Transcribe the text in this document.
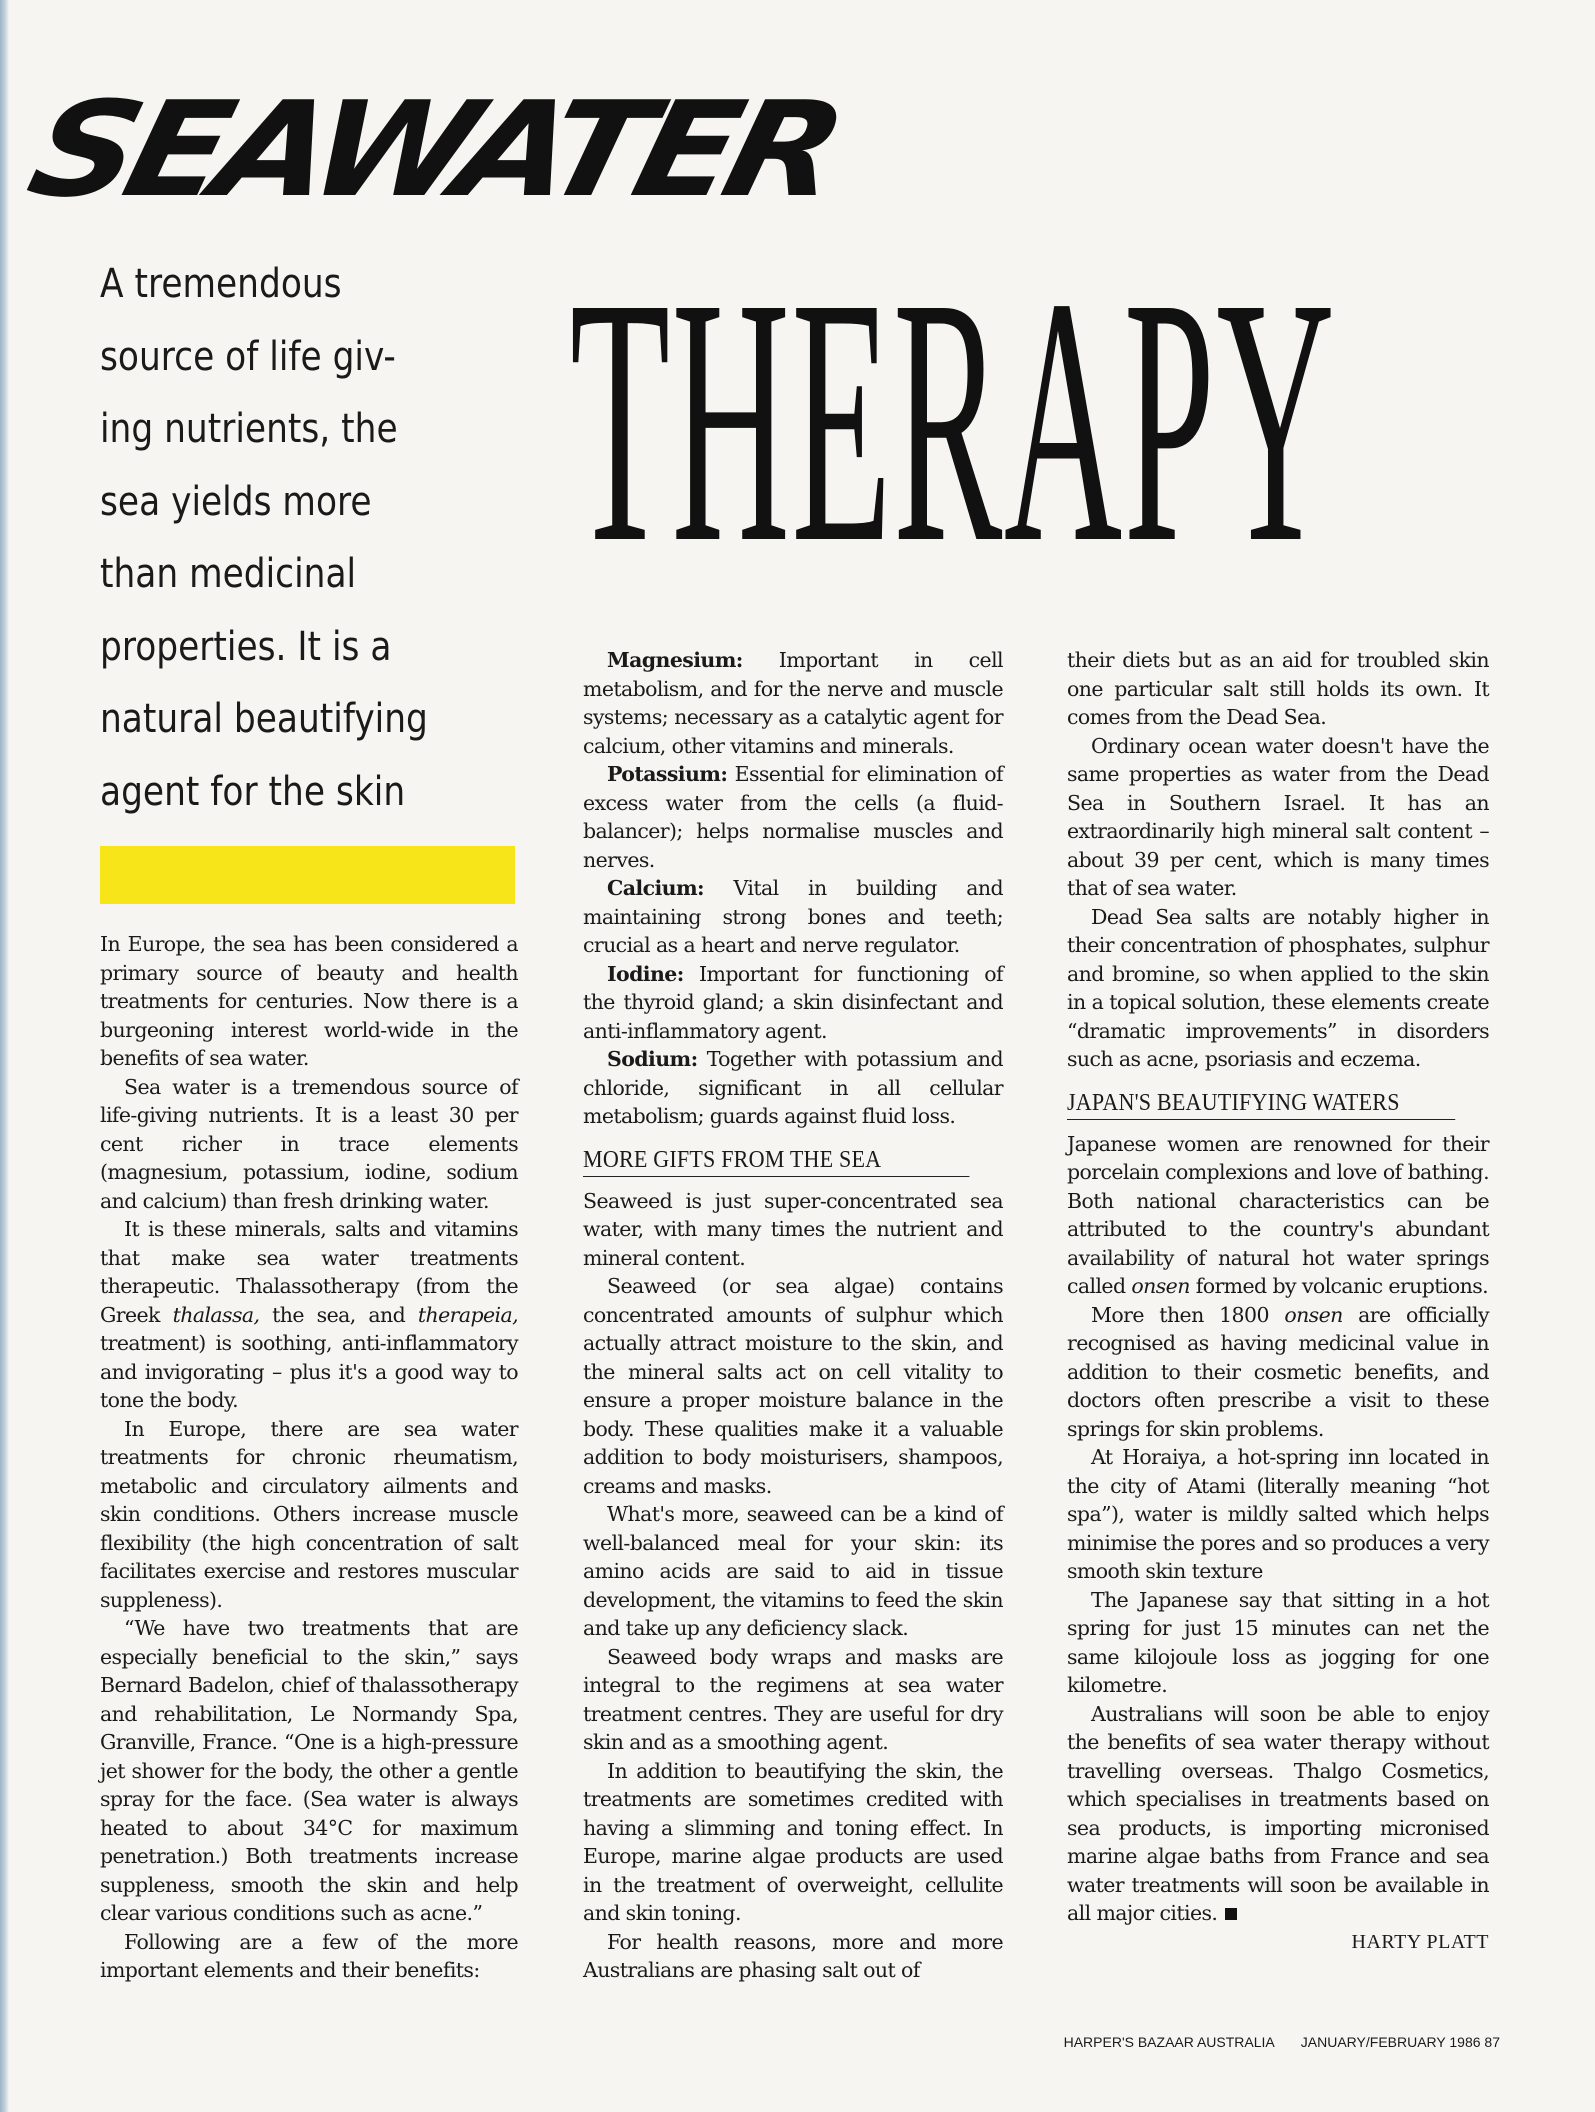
SEAWATER
THERAPY
A tremendous
source of life giv-
ing nutrients, the
sea yields more
than medicinal
properties. It is a
natural beautifying
agent for the skin

In Europe, the sea has been considered a primary source of beauty and health treatments for centuries. Now there is a burgeoning interest world-wide in the benefits of sea water.

Sea water is a tremendous source of life-giving nutrients. It is a least 30 per cent richer in trace elements (magnesium, potassium, iodine, sodium and calcium) than fresh drinking water.

It is these minerals, salts and vitamins that make sea water treatments therapeutic. Thalassotherapy (from the Greek thalassa, the sea, and therapeia, treatment) is soothing, anti-inflammatory and invigorating – plus it's a good way to tone the body.

In Europe, there are sea water treatments for chronic rheumatism, metabolic and circulatory ailments and skin conditions. Others increase muscle flexibility (the high concentration of salt facilitates exercise and restores muscular suppleness).

“We have two treatments that are especially beneficial to the skin,” says Bernard Badelon, chief of thalassotherapy and rehabilitation, Le Normandy Spa, Granville, France. “One is a high-pressure jet shower for the body, the other a gentle spray for the face. (Sea water is always heated to about 34°C for maximum penetration.) Both treatments increase suppleness, smooth the skin and help clear various conditions such as acne.”

Following are a few of the more important elements and their benefits:

Magnesium: Important in cell metabolism, and for the nerve and muscle systems; necessary as a catalytic agent for calcium, other vitamins and minerals.

Potassium: Essential for elimination of excess water from the cells (a fluid-balancer); helps normalise muscles and nerves.

Calcium: Vital in building and maintaining strong bones and teeth; crucial as a heart and nerve regulator.

Iodine: Important for functioning of the thyroid gland; a skin disinfectant and anti-inflammatory agent.

Sodium: Together with potassium and chloride, significant in all cellular metabolism; guards against fluid loss.

MORE GIFTS FROM THE SEA

Seaweed is just super-concentrated sea water, with many times the nutrient and mineral content.

Seaweed (or sea algae) contains concentrated amounts of sulphur which actually attract moisture to the skin, and the mineral salts act on cell vitality to ensure a proper moisture balance in the body. These qualities make it a valuable addition to body moisturisers, shampoos, creams and masks.

What's more, seaweed can be a kind of well-balanced meal for your skin: its amino acids are said to aid in tissue development, the vitamins to feed the skin and take up any deficiency slack.

Seaweed body wraps and masks are integral to the regimens at sea water treatment centres. They are useful for dry skin and as a smoothing agent.

In addition to beautifying the skin, the treatments are sometimes credited with having a slimming and toning effect. In Europe, marine algae products are used in the treatment of overweight, cellulite and skin toning.

For health reasons, more and more Australians are phasing salt out of

their diets but as an aid for troubled skin one particular salt still holds its own. It comes from the Dead Sea.

Ordinary ocean water doesn't have the same properties as water from the Dead Sea in Southern Israel. It has an extraordinarily high mineral salt content – about 39 per cent, which is many times that of sea water.

Dead Sea salts are notably higher in their concentration of phosphates, sulphur and bromine, so when applied to the skin in a topical solution, these elements create “dramatic improvements” in disorders such as acne, psoriasis and eczema.

JAPAN'S BEAUTIFYING WATERS

Japanese women are renowned for their porcelain complexions and love of bathing. Both national characteristics can be attributed to the country's abundant availability of natural hot water springs called onsen formed by volcanic eruptions.

More then 1800 onsen are officially recognised as having medicinal value in addition to their cosmetic benefits, and doctors often prescribe a visit to these springs for skin problems.

At Horaiya, a hot-spring inn located in the city of Atami (literally meaning “hot spa”), water is mildly salted which helps minimise the pores and so produces a very smooth skin texture

The Japanese say that sitting in a hot spring for just 15 minutes can net the same kilojoule loss as jogging for one kilometre.

Australians will soon be able to enjoy the benefits of sea water therapy without travelling overseas. Thalgo Cosmetics, which specialises in treatments based on sea products, is importing micronised marine algae baths from France and sea water treatments will soon be available in all major cities.

HARTY PLATT
HARPER'S BAZAAR AUSTRALIA JANUARY/FEBRUARY 1986 87
